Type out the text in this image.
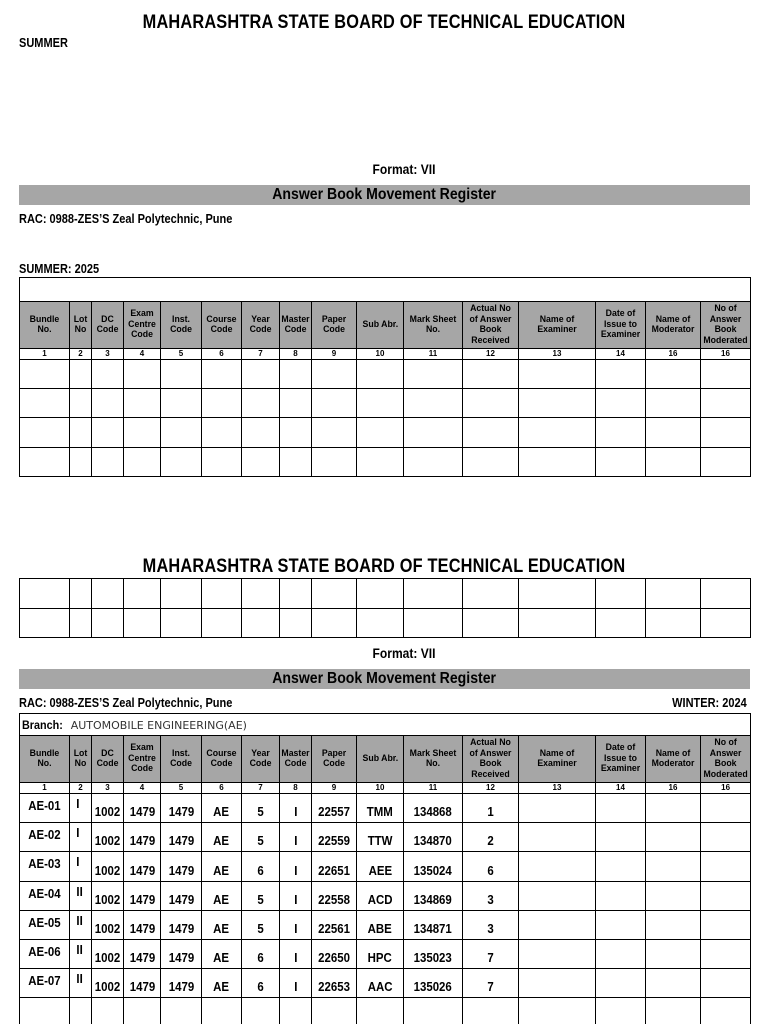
MAHARASHTRA STATE BOARD OF TECHNICAL EDUCATION
SUMMER
Format: VII
Answer Book Movement Register
RAC: 0988-ZES’S Zeal Polytechnic, Pune
SUMMER: 2025

Bundle No.	Lot No	DC Code	Exam Centre Code	Inst. Code	Course Code	Year Code	Master Code	Paper Code	Sub Abr.	Mark Sheet No.	Actual No of Answer Book Received	Name of Examiner	Date of Issue to Examiner	Name of Moderator	No of Answer Book Moderated
1	2	3	4	5	6	7	8	9	10	11	12	13	14	16	16

MAHARASHTRA STATE BOARD OF TECHNICAL EDUCATION
Format: VII
Answer Book Movement Register
RAC: 0988-ZES’S Zeal Polytechnic, Pune	WINTER: 2024
Branch: AUTOMOBILE ENGINEERING(AE)															
Bundle No.	Lot No	DC Code	Exam Centre Code	Inst. Code	Course Code	Year Code	Master Code	Paper Code	Sub Abr.	Mark Sheet No.	Actual No of Answer Book Received	Name of Examiner	Date of Issue to Examiner	Name of Moderator	No of Answer Book Moderated
1	2	3	4	5	6	7	8	9	10	11	12	13	14	16	16
AE-01	I	1002	1479	1479	AE	5	I	22557	TMM	134868	1				
AE-02	I	1002	1479	1479	AE	5	I	22559	TTW	134870	2				
AE-03	I	1002	1479	1479	AE	6	I	22651	AEE	135024	6				
AE-04	II	1002	1479	1479	AE	5	I	22558	ACD	134869	3				
AE-05	II	1002	1479	1479	AE	5	I	22561	ABE	134871	3				
AE-06	II	1002	1479	1479	AE	6	I	22650	HPC	135023	7				
AE-07	II	1002	1479	1479	AE	6	I	22653	AAC	135026	7				
